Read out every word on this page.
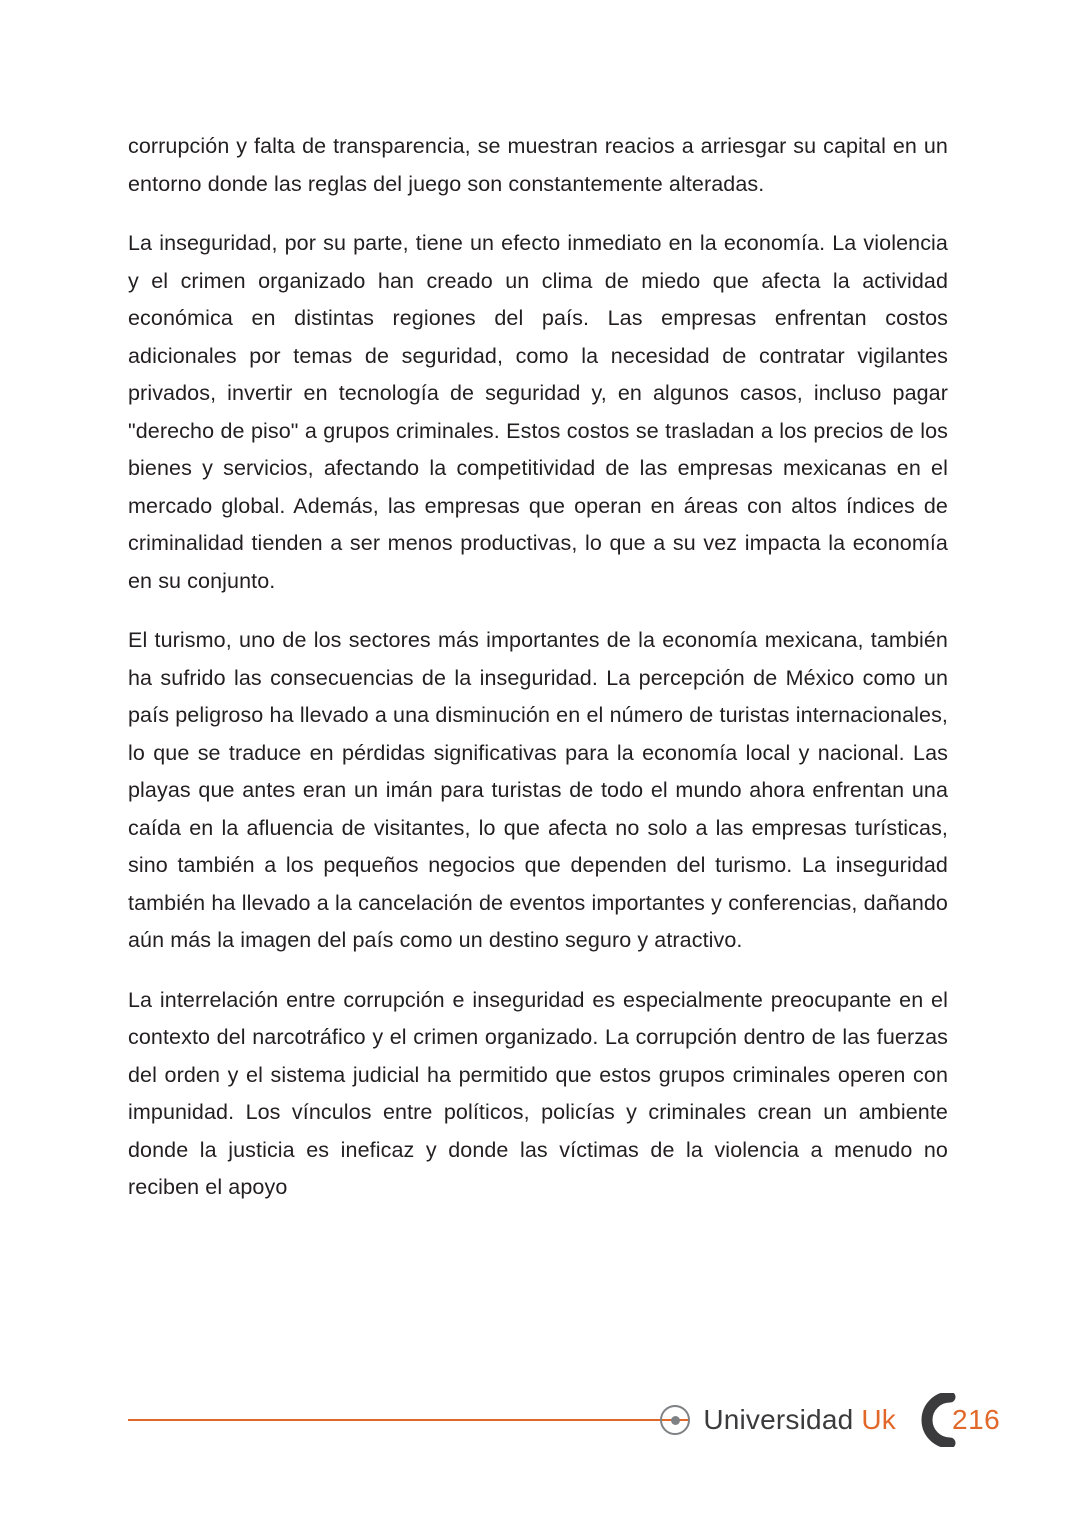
corrupción y falta de transparencia, se muestran reacios a arriesgar su capital en un entorno donde las reglas del juego son constantemente alteradas.

La inseguridad, por su parte, tiene un efecto inmediato en la economía. La violencia y el crimen organizado han creado un clima de miedo que afecta la actividad económica en distintas regiones del país. Las empresas enfrentan costos adicionales por temas de seguridad, como la necesidad de contratar vigilantes privados, invertir en tecnología de seguridad y, en algunos casos, incluso pagar "derecho de piso" a grupos criminales. Estos costos se trasladan a los precios de los bienes y servicios, afectando la competitividad de las empresas mexicanas en el mercado global. Además, las empresas que operan en áreas con altos índices de criminalidad tienden a ser menos productivas, lo que a su vez impacta la economía en su conjunto.

El turismo, uno de los sectores más importantes de la economía mexicana, también ha sufrido las consecuencias de la inseguridad. La percepción de México como un país peligroso ha llevado a una disminución en el número de turistas internacionales, lo que se traduce en pérdidas significativas para la economía local y nacional. Las playas que antes eran un imán para turistas de todo el mundo ahora enfrentan una caída en la afluencia de visitantes, lo que afecta no solo a las empresas turísticas, sino también a los pequeños negocios que dependen del turismo. La inseguridad también ha llevado a la cancelación de eventos importantes y conferencias, dañando aún más la imagen del país como un destino seguro y atractivo.

La interrelación entre corrupción e inseguridad es especialmente preocupante en el contexto del narcotráfico y el crimen organizado. La corrupción dentro de las fuerzas del orden y el sistema judicial ha permitido que estos grupos criminales operen con impunidad. Los vínculos entre políticos, policías y criminales crean un ambiente donde la justicia es ineficaz y donde las víctimas de la violencia a menudo no reciben el apoyo

Universidad Uk 216
